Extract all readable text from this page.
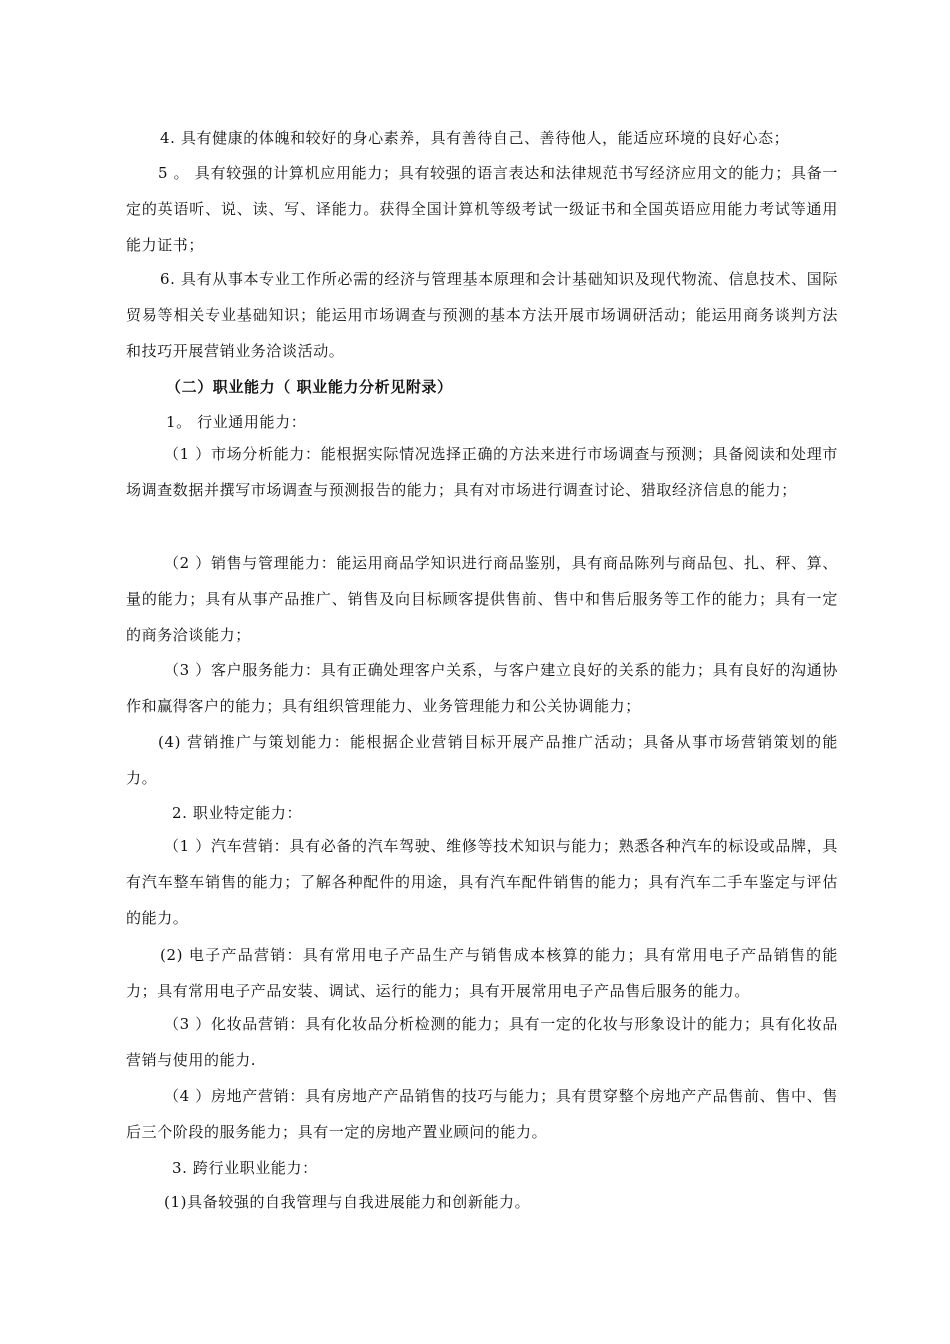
4. 具有健康的体魄和较好的身心素养，具有善待自己、善待他人，能适应环境的良好心态；

5 。 具有较强的计算机应用能力；具有较强的语言表达和法律规范书写经济应用文的能力；具备一定的英语听、说、读、写、译能力。获得全国计算机等级考试一级证书和全国英语应用能力考试等通用能力证书；

6. 具有从事本专业工作所必需的经济与管理基本原理和会计基础知识及现代物流、信息技术、国际贸易等相关专业基础知识；能运用市场调查与预测的基本方法开展市场调研活动；能运用商务谈判方法和技巧开展营销业务洽谈活动。

（二）职业能力（ 职业能力分析见附录）

1。 行业通用能力：

（1 ）市场分析能力：能根据实际情况选择正确的方法来进行市场调查与预测；具备阅读和处理市场调查数据并撰写市场调查与预测报告的能力；具有对市场进行调查讨论、猎取经济信息的能力；

（2 ）销售与管理能力：能运用商品学知识进行商品鉴别，具有商品陈列与商品包、扎、秤、算、量的能力；具有从事产品推广、销售及向目标顾客提供售前、售中和售后服务等工作的能力；具有一定的商务洽谈能力；

（3 ）客户服务能力：具有正确处理客户关系，与客户建立良好的关系的能力；具有良好的沟通协作和赢得客户的能力；具有组织管理能力、业务管理能力和公关协调能力；

(4) 营销推广与策划能力：能根据企业营销目标开展产品推广活动；具备从事市场营销策划的能力。

2. 职业特定能力：

（1 ）汽车营销：具有必备的汽车驾驶、维修等技术知识与能力；熟悉各种汽车的标设或品牌，具有汽车整车销售的能力；了解各种配件的用途，具有汽车配件销售的能力；具有汽车二手车鉴定与评估的能力。

(2) 电子产品营销：具有常用电子产品生产与销售成本核算的能力；具有常用电子产品销售的能力；具有常用电子产品安装、调试、运行的能力；具有开展常用电子产品售后服务的能力。

（3 ）化妆品营销：具有化妆品分析检测的能力；具有一定的化妆与形象设计的能力；具有化妆品营销与使用的能力.

（4 ）房地产营销：具有房地产产品销售的技巧与能力；具有贯穿整个房地产产品售前、售中、售后三个阶段的服务能力；具有一定的房地产置业顾问的能力。

3. 跨行业职业能力：

(1)具备较强的自我管理与自我进展能力和创新能力。
